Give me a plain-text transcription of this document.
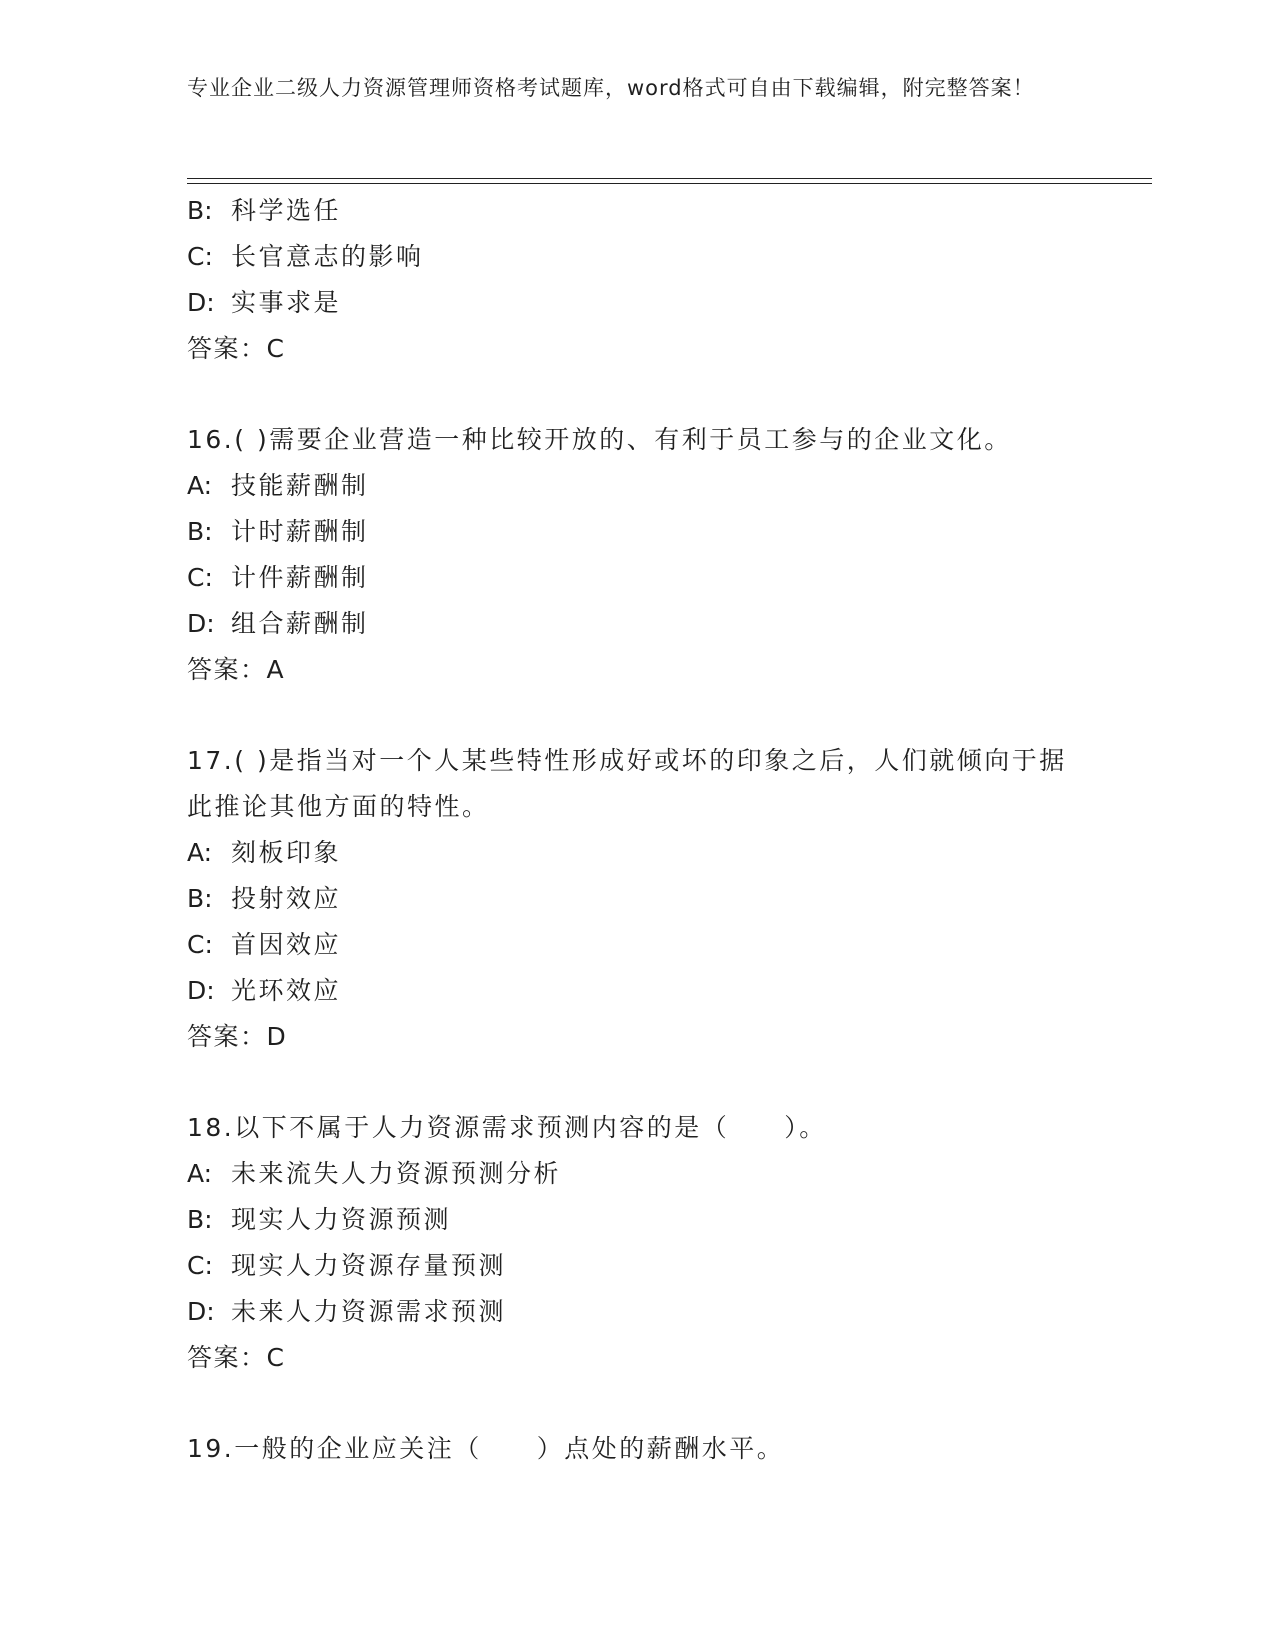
专业企业二级人力资源管理师资格考试题库，word格式可自由下载编辑，附完整答案！
B: 科学选任
C: 长官意志的影响
D: 实事求是
答案：C
16.( )需要企业营造一种比较开放的、有利于员工参与的企业文化。
A: 技能薪酬制
B: 计时薪酬制
C: 计件薪酬制
D: 组合薪酬制
答案：A
17.( )是指当对一个人某些特性形成好或坏的印象之后，人们就倾向于据此推论其他方面的特性。
A: 刻板印象
B: 投射效应
C: 首因效应
D: 光环效应
答案：D
18.以下不属于人力资源需求预测内容的是（　　）。
A: 未来流失人力资源预测分析
B: 现实人力资源预测
C: 现实人力资源存量预测
D: 未来人力资源需求预测
答案：C
19.一般的企业应关注（　　）点处的薪酬水平。
